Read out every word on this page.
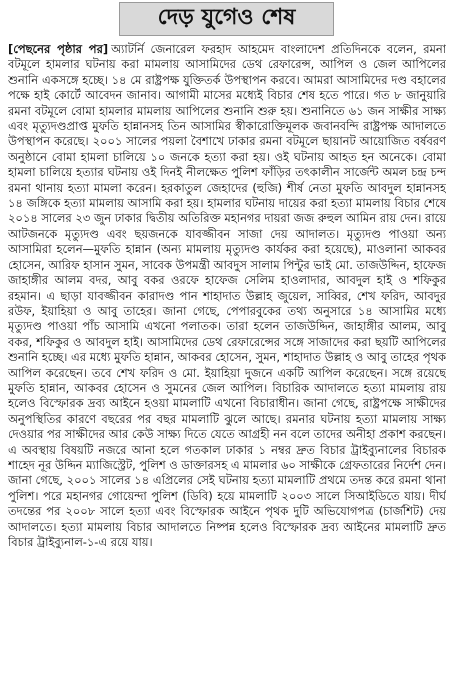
দেড় যুগেও শেষ
[পেছনের পৃষ্ঠার পর] অ্যাটর্নি জেনারেল ফরহাদ আহমেদ বাংলাদেশ প্রতিদিনকে বলেন, রমনা বটমূলে হামলার ঘটনায় করা মামলায় আসামিদের ডেথ রেফারেন্স, আপিল ও জেল আপিলের শুনানি একসঙ্গে হচ্ছে। ১৪ মে রাষ্ট্রপক্ষ যুক্তিতর্ক উপস্থাপন করবে। আমরা আসামিদের দণ্ড বহালের পক্ষে হাই কোর্টে আবেদন জানাব। আগামী মাসের মধ্যেই বিচার শেষ হতে পারে। গত ৮ জানুয়ারি রমনা বটমূলে বোমা হামলার মামলায় আপিলের শুনানি শুরু হয়। শুনানিতে ৬১ জন সাক্ষীর সাক্ষ্য এবং মৃত্যুদণ্ডপ্রাপ্ত মুফতি হান্নানসহ তিন আসামির স্বীকারোক্তিমূলক জবানবন্দি রাষ্ট্রপক্ষ আদালতে উপস্থাপন করেছে। ২০০১ সালের পয়লা বৈশাখে ঢাকার রমনা বটমূলে ছায়ানট আয়োজিত বর্ষবরণ অনুষ্ঠানে বোমা হামলা চালিয়ে ১০ জনকে হত্যা করা হয়। ওই ঘটনায় আহত হন অনেকে। বোমা হামলা চালিয়ে হত্যার ঘটনায় ওই দিনই নীলক্ষেত পুলিশ ফাঁড়ির তৎকালীন সার্জেন্ট অমল চন্দ্র চন্দ রমনা থানায় হত্যা মামলা করেন। হরকাতুল জেহাদের (হুজি) শীর্ষ নেতা মুফতি আবদুল হান্নানসহ ১৪ জঙ্গিকে হত্যা মামলায় আসামি করা হয়। হামলার ঘটনায় দায়ের করা হত্যা মামলায় বিচার শেষে ২০১৪ সালের ২৩ জুন ঢাকার দ্বিতীয় অতিরিক্ত মহানগর দায়রা জজ রুহুল আমিন রায় দেন। রায়ে আটজনকে মৃত্যুদণ্ড এবং ছয়জনকে যাবজ্জীবন সাজা দেয় আদালত। মৃত্যুদণ্ড পাওয়া অন্য আসামিরা হলেন—মুফতি হান্নান (অন্য মামলায় মৃত্যুদণ্ড কার্যকর করা হয়েছে), মাওলানা আকবর হোসেন, আরিফ হাসান সুমন, সাবেক উপমন্ত্রী আবদুস সালাম পিন্টুর ভাই মো. তাজউদ্দিন, হাফেজ জাহাঙ্গীর আলম বদর, আবু বকর ওরফে হাফেজ সেলিম হাওলাদার, আবদুল হাই ও শফিকুর রহমান। এ ছাড়া যাবজ্জীবন কারাদণ্ড পান শাহাদাত উল্লাহ জুয়েল, সাব্বির, শেখ ফরিদ, আবদুর রউফ, ইয়াহিয়া ও আবু তাহের। জানা গেছে, পেপারবুকের তথ্য অনুসারে ১৪ আসামির মধ্যে মৃত্যুদণ্ড পাওয়া পাঁচ আসামি এখনো পলাতক। তারা হলেন তাজউদ্দিন, জাহাঙ্গীর আলম, আবু বকর, শফিকুর ও আবদুল হাই। আসামিদের ডেথ রেফারেন্সের সঙ্গে সাজাদের করা ছয়টি আপিলের শুনানি হচ্ছে। এর মধ্যে মুফতি হান্নান, আকবর হোসেন, সুমন, শাহাদাত উল্লাহ ও আবু তাহের পৃথক আপিল করেছেন। তবে শেখ ফরিদ ও মো. ইয়াহিয়া দুজনে একটি আপিল করেছেন। সঙ্গে রয়েছে মুফতি হান্নান, আকবর হোসেন ও সুমনের জেল আপিল। বিচারিক আদালতে হত্যা মামলায় রায় হলেও বিস্ফোরক দ্রব্য আইনে হওয়া মামলাটি এখনো বিচারাধীন। জানা গেছে, রাষ্ট্রপক্ষে সাক্ষীদের অনুপস্থিতির কারণে বছরের পর বছর মামলাটি ঝুলে আছে। রমনার ঘটনায় হত্যা মামলায় সাক্ষ্য দেওয়ার পর সাক্ষীদের আর কেউ সাক্ষ্য দিতে যেতে আগ্রহী নন বলে তাদের অনীহা প্রকাশ করছেন। এ অবস্থায় বিষয়টি নজরে আনা হলে গতকাল ঢাকার ১ নম্বর দ্রুত বিচার ট্রাইব্যুনালের বিচারক শাহেদ নূর উদ্দিন ম্যাজিস্ট্রেট, পুলিশ ও ডাক্তারসহ এ মামলার ৬০ সাক্ষীকে গ্রেফতারের নির্দেশ দেন। জানা গেছে, ২০০১ সালের ১৪ এপ্রিলের সেই ঘটনায় হত্যা মামলাটি প্রথমে তদন্ত করে রমনা থানা পুলিশ। পরে মহানগর গোয়েন্দা পুলিশ (ডিবি) হয়ে মামলাটি ২০০৩ সালে সিআইডিতে যায়। দীর্ঘ তদন্তের পর ২০০৮ সালে হত্যা এবং বিস্ফোরক আইনে পৃথক দুটি অভিযোগপত্র (চার্জশিট) দেয় আদালতে। হত্যা মামলায় বিচার আদালতে নিষ্পন্ন হলেও বিস্ফোরক দ্রব্য আইনের মামলাটি দ্রুত বিচার ট্রাইব্যুনাল-১-এ রয়ে যায়।
